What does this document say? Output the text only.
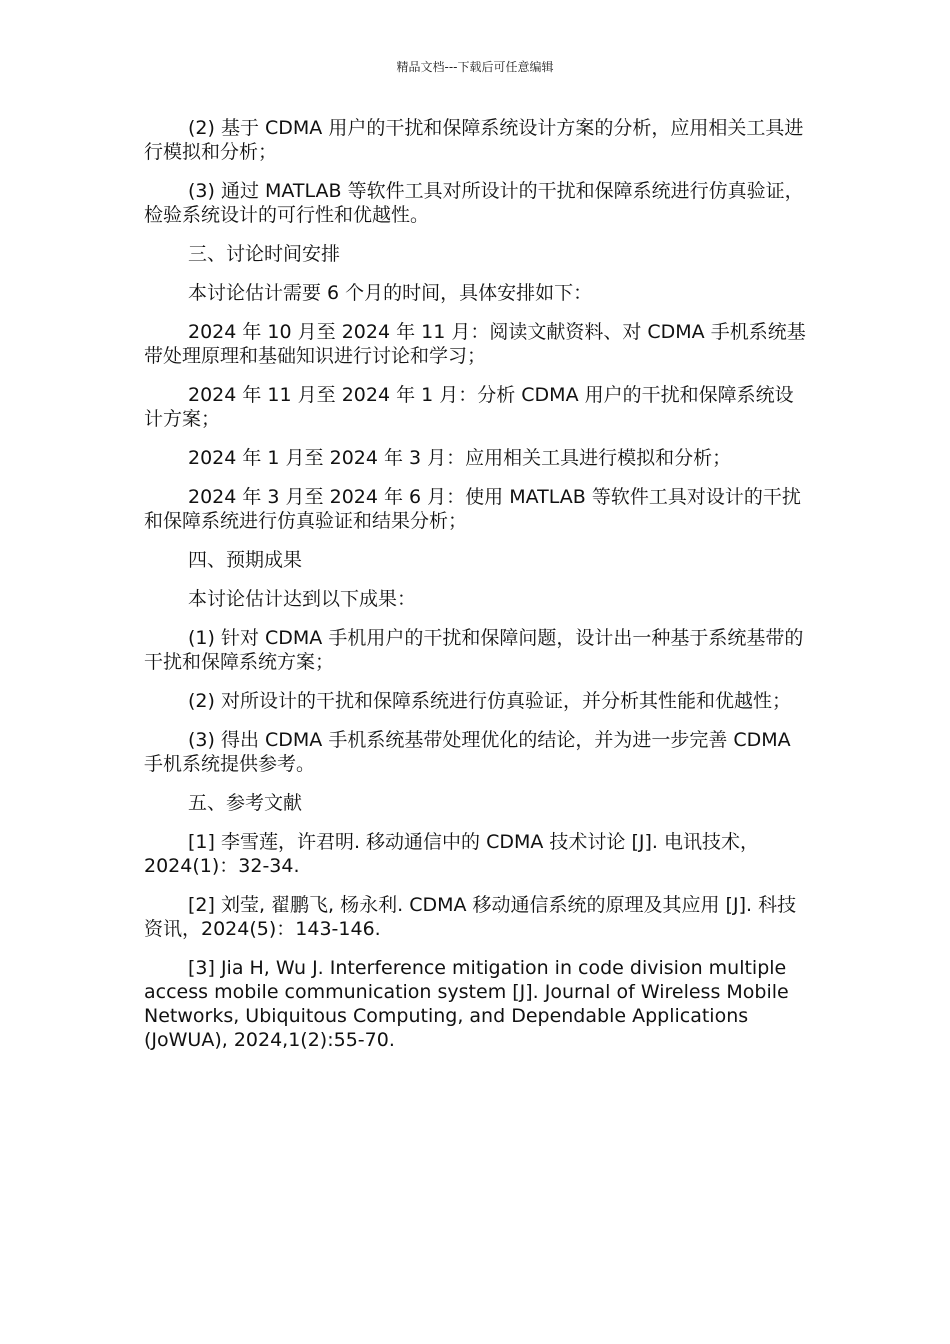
精品文档---下载后可任意编辑

(2) 基于 CDMA 用户的干扰和保障系统设计方案的分析，应用相关工具进行模拟和分析；

(3) 通过 MATLAB 等软件工具对所设计的干扰和保障系统进行仿真验证，检验系统设计的可行性和优越性。

三、讨论时间安排

本讨论估计需要 6 个月的时间，具体安排如下：

2024 年 10 月至 2024 年 11 月：阅读文献资料、对 CDMA 手机系统基带处理原理和基础知识进行讨论和学习；

2024 年 11 月至 2024 年 1 月：分析 CDMA 用户的干扰和保障系统设计方案；

2024 年 1 月至 2024 年 3 月：应用相关工具进行模拟和分析；

2024 年 3 月至 2024 年 6 月：使用 MATLAB 等软件工具对设计的干扰和保障系统进行仿真验证和结果分析；

四、预期成果

本讨论估计达到以下成果：

(1) 针对 CDMA 手机用户的干扰和保障问题，设计出一种基于系统基带的干扰和保障系统方案；

(2) 对所设计的干扰和保障系统进行仿真验证，并分析其性能和优越性；

(3) 得出 CDMA 手机系统基带处理优化的结论，并为进一步完善 CDMA 手机系统提供参考。

五、参考文献

[1] 李雪莲，许君明. 移动通信中的 CDMA 技术讨论 [J]. 电讯技术，2024(1)：32-34.

[2] 刘莹, 翟鹏飞, 杨永利. CDMA 移动通信系统的原理及其应用 [J]. 科技资讯，2024(5)：143-146.

[3] Jia H, Wu J. Interference mitigation in code division multiple access mobile communication system [J]. Journal of Wireless Mobile Networks, Ubiquitous Computing, and Dependable Applications (JoWUA), 2024,1(2):55-70.
